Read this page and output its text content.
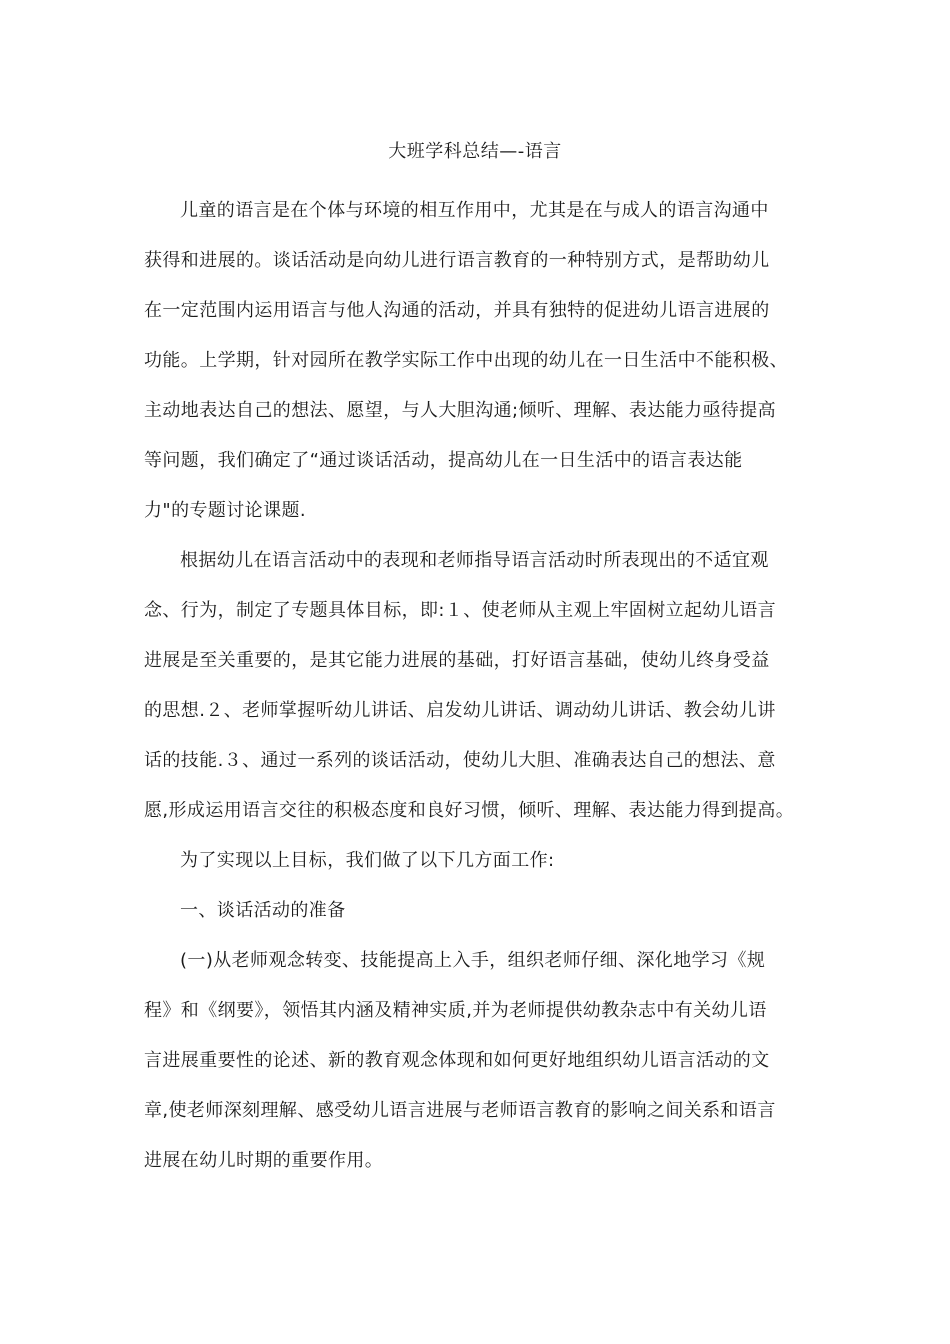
大班学科总结—-语言
儿童的语言是在个体与环境的相互作用中，尤其是在与成人的语言沟通中
获得和进展的。谈话活动是向幼儿进行语言教育的一种特别方式，是帮助幼儿
在一定范围内运用语言与他人沟通的活动，并具有独特的促进幼儿语言进展的
功能。上学期，针对园所在教学实际工作中出现的幼儿在一日生活中不能积极、
主动地表达自己的想法、愿望，与人大胆沟通;倾听、理解、表达能力亟待提高
等问题，我们确定了“通过谈话活动，提高幼儿在一日生活中的语言表达能
力"的专题讨论课题.
根据幼儿在语言活动中的表现和老师指导语言活动时所表现出的不适宜观
念、行为，制定了专题具体目标，即:１、使老师从主观上牢固树立起幼儿语言
进展是至关重要的，是其它能力进展的基础，打好语言基础，使幼儿终身受益
的思想.２、老师掌握听幼儿讲话、启发幼儿讲话、调动幼儿讲话、教会幼儿讲
话的技能.３、通过一系列的谈话活动，使幼儿大胆、准确表达自己的想法、意
愿,形成运用语言交往的积极态度和良好习惯，倾听、理解、表达能力得到提高。
为了实现以上目标，我们做了以下几方面工作:
一、谈话活动的准备
(一)从老师观念转变、技能提高上入手，组织老师仔细、深化地学习《规
程》和《纲要》，领悟其内涵及精神实质,并为老师提供幼教杂志中有关幼儿语
言进展重要性的论述、新的教育观念体现和如何更好地组织幼儿语言活动的文
章,使老师深刻理解、感受幼儿语言进展与老师语言教育的影响之间关系和语言
进展在幼儿时期的重要作用。
